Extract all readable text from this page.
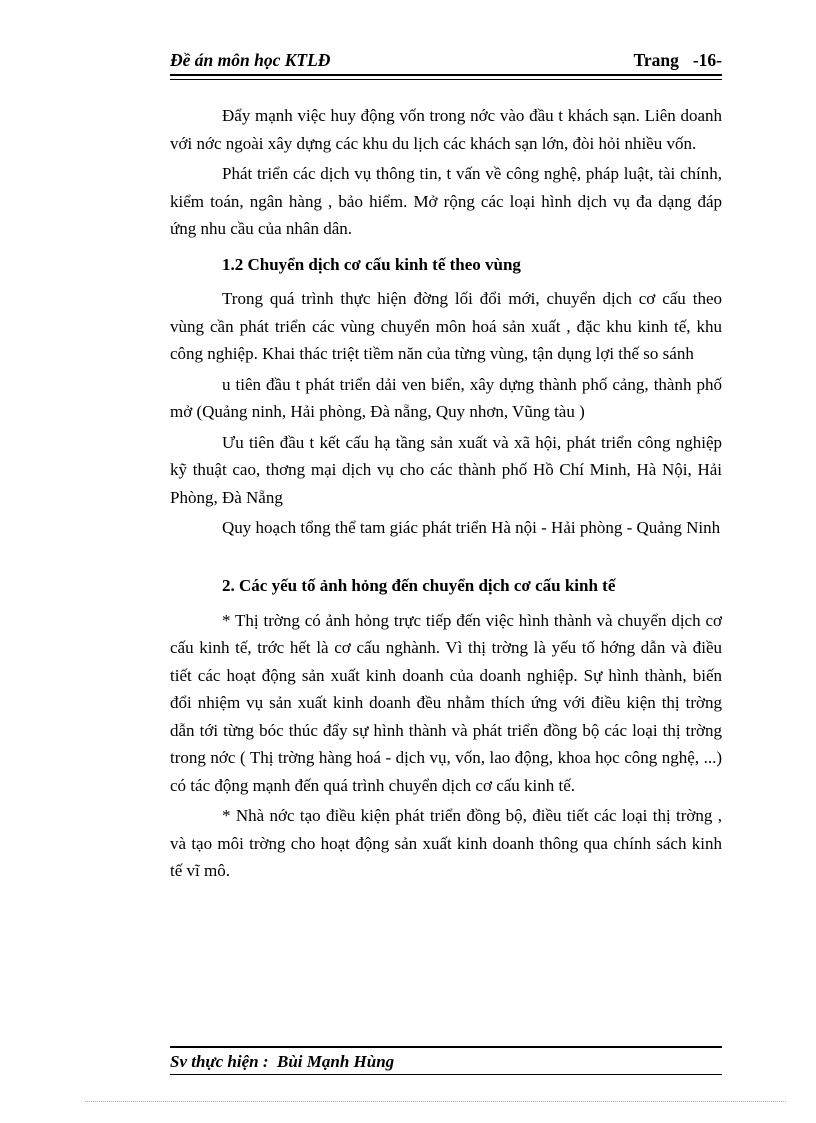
Đề án môn học KTLĐ	Trang -16-

Đẩy mạnh việc huy động vốn trong nớc vào đầu t khách sạn. Liên doanh với nớc ngoài xây dựng các khu du lịch các khách sạn lớn, đòi hỏi nhiều vốn.

Phát triển các dịch vụ thông tin, t vấn về công nghệ, pháp luật, tài chính, kiểm toán, ngân hàng , bảo hiểm. Mở rộng các loại hình dịch vụ đa dạng đáp ứng nhu cầu của nhân dân.

1.2 Chuyển dịch cơ cấu kinh tế theo vùng

Trong quá trình thực hiện đờng lối đổi mới, chuyển dịch cơ cấu theo vùng cần phát triển các vùng chuyển môn hoá sản xuất , đặc khu kinh tế, khu công nghiệp. Khai thác triệt tiềm năn của từng vùng, tận dụng lợi thế so sánh

u tiên đầu t phát triển dải ven biển, xây dựng thành phố cảng, thành phố mở (Quảng ninh, Hải phòng, Đà nẵng, Quy nhơn, Vũng tàu )

Ưu tiên đầu t kết cấu hạ tầng sản xuất và xã hội, phát triển công nghiệp kỹ thuật cao, thơng mại dịch vụ cho các thành phố Hồ Chí Minh, Hà Nội, Hải Phòng, Đà Nẵng

Quy hoạch tổng thể tam giác phát triển Hà nội - Hải phòng - Quảng Ninh

2. Các yếu tố ảnh hỏng đến chuyển dịch cơ cấu kinh tế

* Thị trờng có ảnh hỏng trực tiếp đến việc hình thành và chuyển dịch cơ cấu kinh tế, trớc hết là cơ cấu nghành. Vì thị trờng là yếu tố hớng dẫn và điều tiết các hoạt động sản xuất kinh doanh của doanh nghiệp. Sự hình thành, biến đổi nhiệm vụ sản xuất kinh doanh đều nhằm thích ứng với điều kiện thị trờng dẫn tới từng bóc thúc đẩy sự hình thành và phát triển đồng bộ các loại thị trờng trong nớc ( Thị trờng hàng hoá - dịch vụ, vốn, lao động, khoa học công nghệ, ...) có tác động mạnh đến quá trình chuyển dịch cơ cấu kinh tế.

* Nhà nớc tạo điều kiện phát triển đồng bộ, điều tiết các loại thị trờng , và tạo môi trờng cho hoạt động sản xuất kinh doanh thông qua chính sách kinh tế vĩ mô.

Sv thực hiện :  Bùi Mạnh Hùng
